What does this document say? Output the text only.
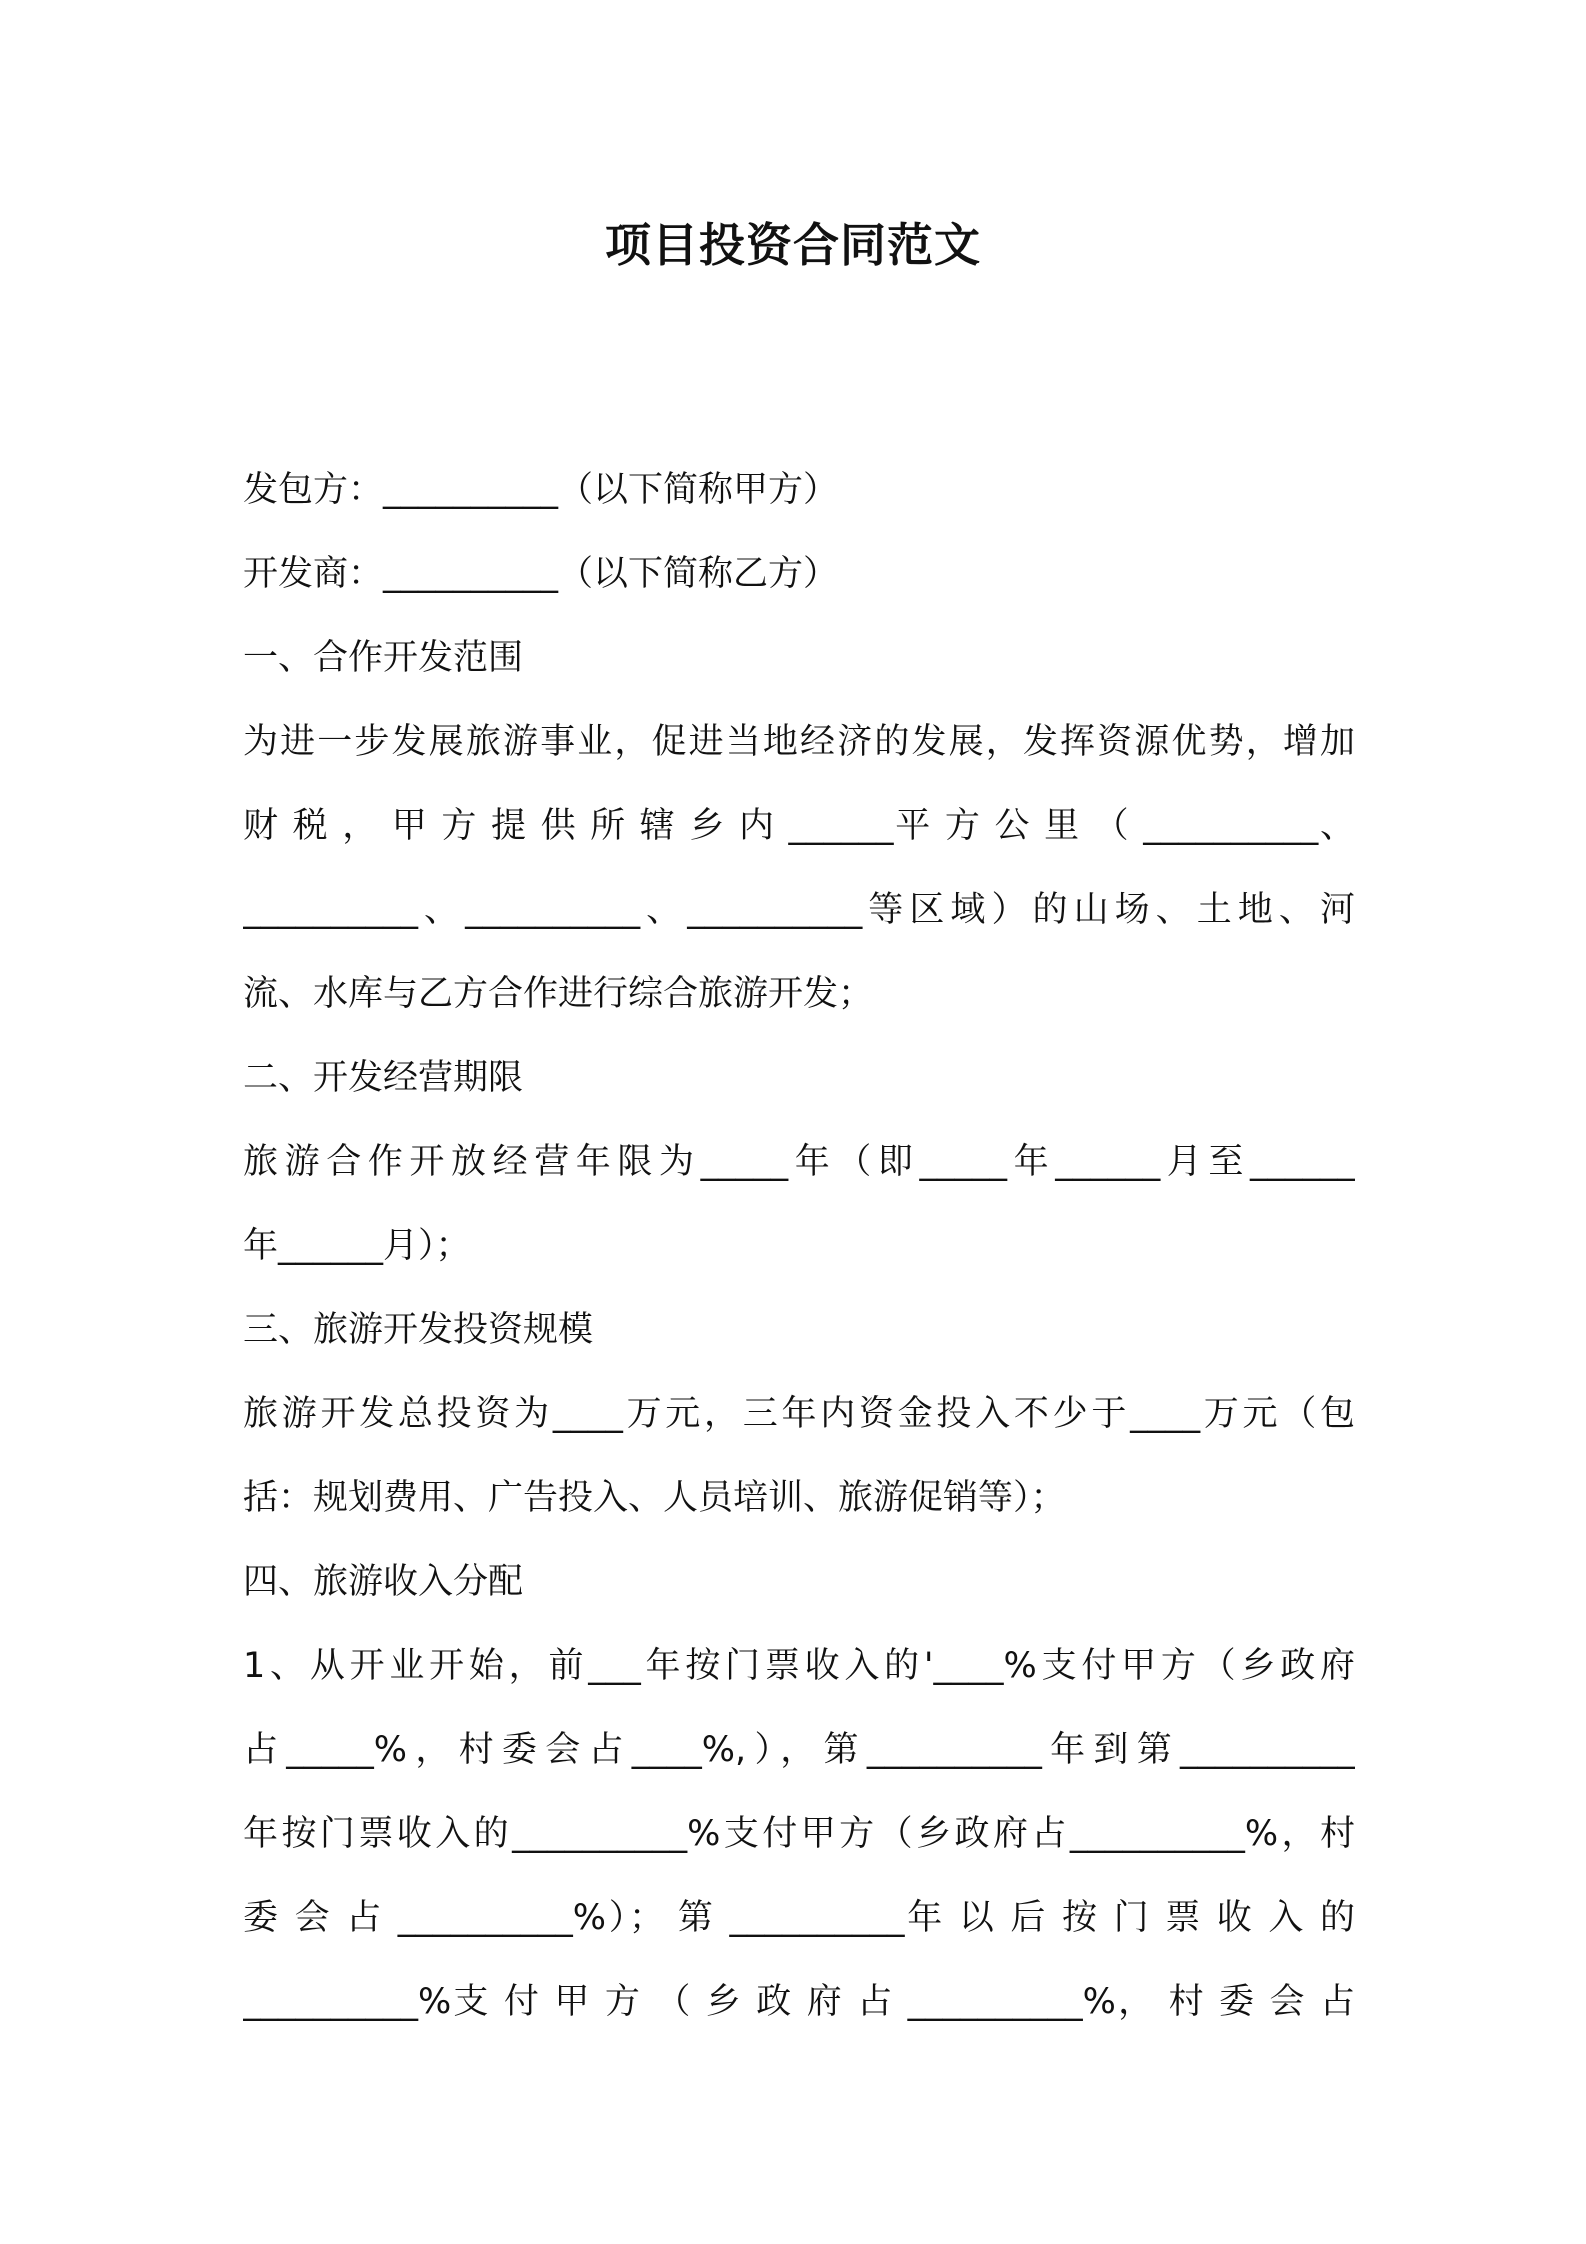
项目投资合同范文
发包方：__________（以下简称甲方）
开发商：__________（以下简称乙方）
一、合作开发范围
为进一步发展旅游事业，促进当地经济的发展，发挥资源优势，增加
财 税 ， 甲 方 提 供 所 辖 乡 内 ______平 方 公 里 （ __________、
__________、__________、__________等区域）的山场、土地、河
流、水库与乙方合作进行综合旅游开发；
二、开发经营期限
旅游合作开放经营年限为_____年（即_____年______月至______
年______月）；
三、旅游开发投资规模
旅游开发总投资为____万元，三年内资金投入不少于____万元（包
括：规划费用、广告投入、人员培训、旅游促销等）；
四、旅游收入分配
1、从开业开始，前___年按门票收入的'____%支付甲方（乡政府
占_____%，村委会占____%,），第__________年到第__________
年按门票收入的__________%支付甲方（乡政府占__________%，村
委 会 占 __________%）； 第 __________年 以 后 按 门 票 收 入 的
__________%支 付 甲 方 （ 乡 政 府 占 __________%， 村 委 会 占
